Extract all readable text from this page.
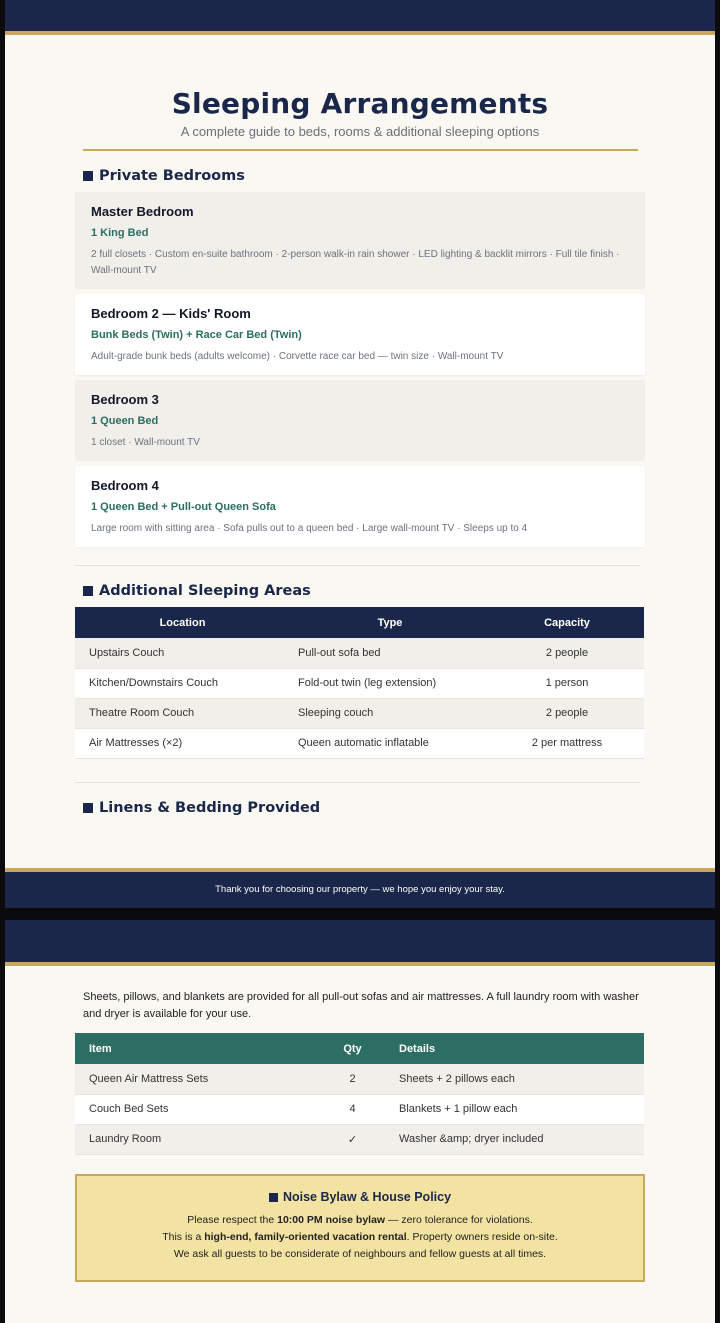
Sleeping Arrangements
A complete guide to beds, rooms & additional sleeping options
Private Bedrooms
Master Bedroom
1 King Bed
2 full closets · Custom en-suite bathroom · 2-person walk-in rain shower · LED lighting & backlit mirrors · Full tile finish · Wall-mount TV
Bedroom 2 — Kids' Room
Bunk Beds (Twin) + Race Car Bed (Twin)
Adult-grade bunk beds (adults welcome) · Corvette race car bed — twin size · Wall-mount TV
Bedroom 3
1 Queen Bed
1 closet · Wall-mount TV
Bedroom 4
1 Queen Bed + Pull-out Queen Sofa
Large room with sitting area · Sofa pulls out to a queen bed · Large wall-mount TV · Sleeps up to 4
Additional Sleeping Areas
Location	Type	Capacity
Upstairs Couch	Pull-out sofa bed	2 people
Kitchen/Downstairs Couch	Fold-out twin (leg extension)	1 person
Theatre Room Couch	Sleeping couch	2 people
Air Mattresses (×2)	Queen automatic inflatable	2 per mattress
Linens & Bedding Provided
Thank you for choosing our property — we hope you enjoy your stay.

Sheets, pillows, and blankets are provided for all pull-out sofas and air mattresses. A full laundry room with washer and dryer is available for your use.

Item	Qty	Details
Queen Air Mattress Sets	2	Sheets + 2 pillows each
Couch Bed Sets	4	Blankets + 1 pillow each
Laundry Room	✓	Washer &amp; dryer included
Noise Bylaw & House Policy
Please respect the 10:00 PM noise bylaw — zero tolerance for violations.
This is a high-end, family-oriented vacation rental. Property owners reside on-site.
We ask all guests to be considerate of neighbours and fellow guests at all times.
